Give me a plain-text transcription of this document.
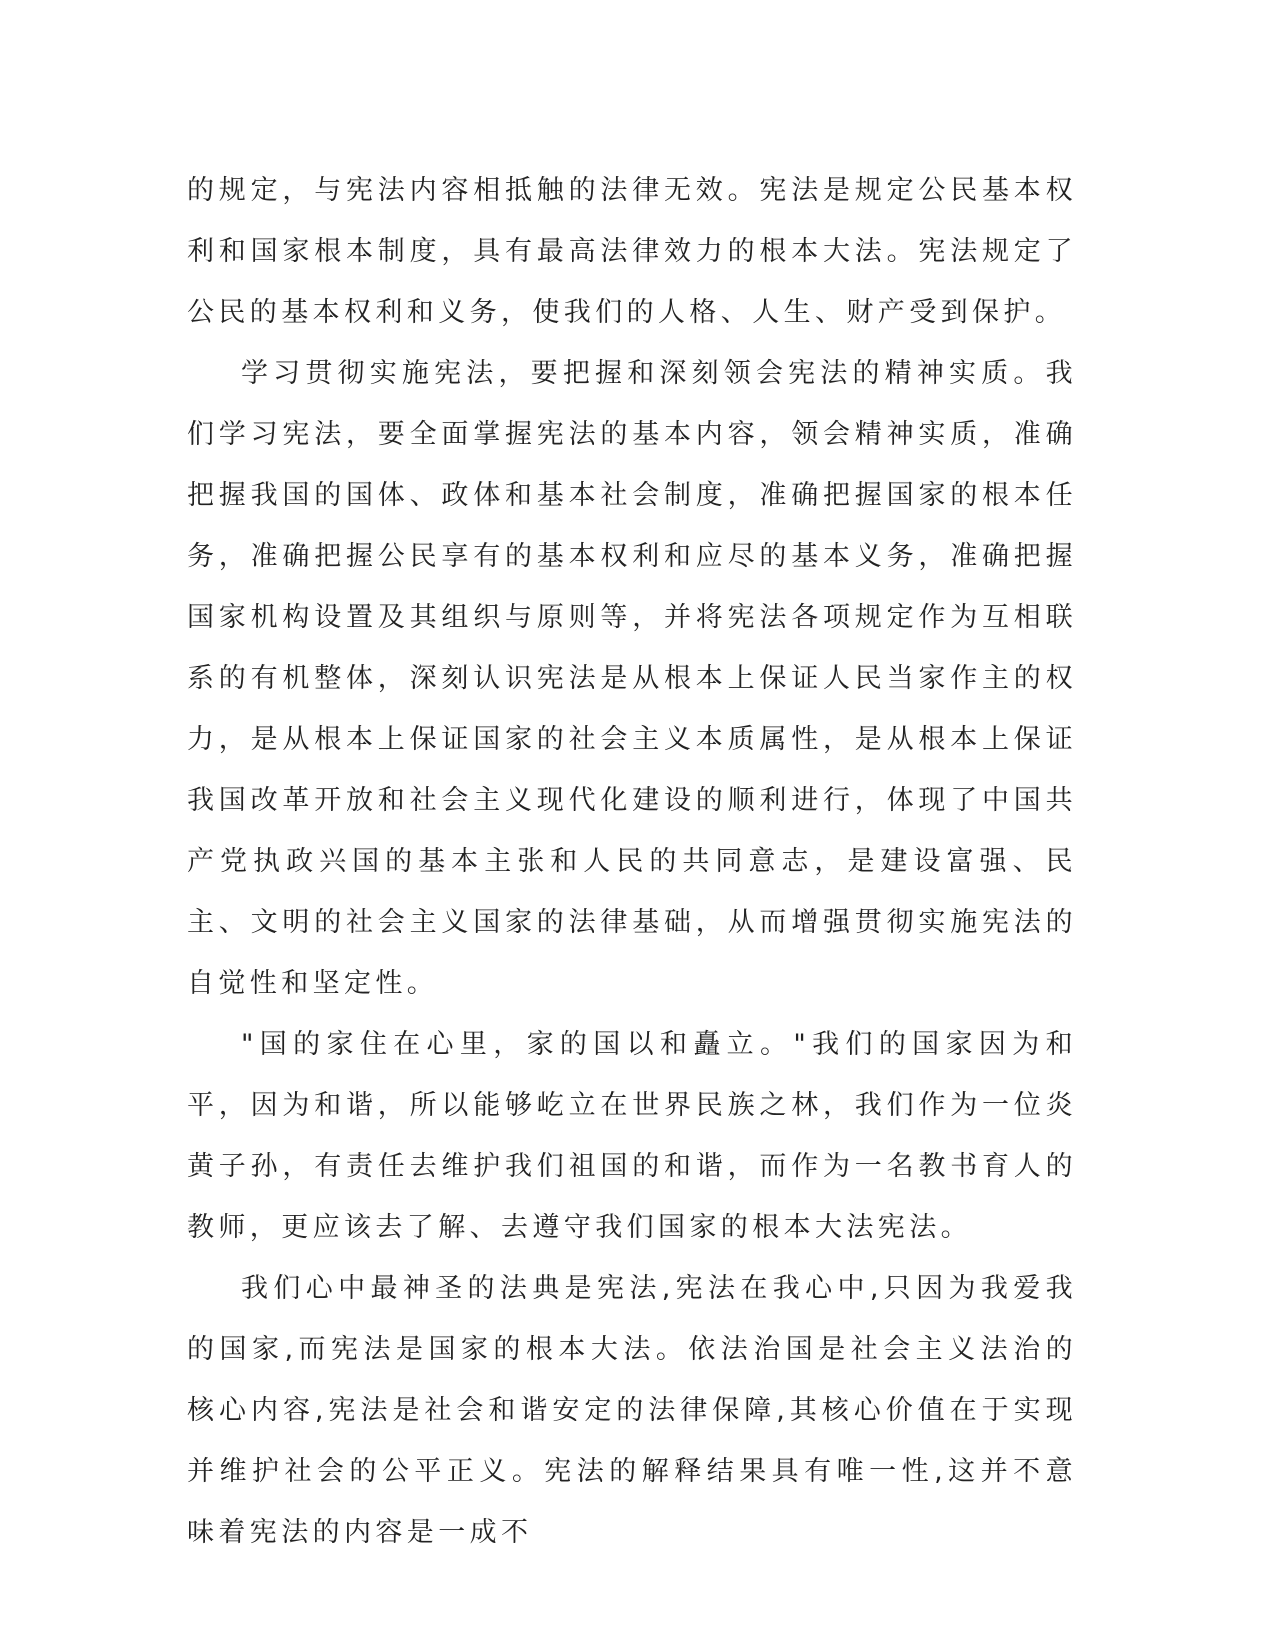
的规定，与宪法内容相抵触的法律无效。宪法是规定公民基本权利和国家根本制度，具有最高法律效力的根本大法。宪法规定了公民的基本权利和义务，使我们的人格、人生、财产受到保护。

学习贯彻实施宪法，要把握和深刻领会宪法的精神实质。我们学习宪法，要全面掌握宪法的基本内容，领会精神实质，准确把握我国的国体、政体和基本社会制度，准确把握国家的根本任务，准确把握公民享有的基本权利和应尽的基本义务，准确把握国家机构设置及其组织与原则等，并将宪法各项规定作为互相联系的有机整体，深刻认识宪法是从根本上保证人民当家作主的权力，是从根本上保证国家的社会主义本质属性，是从根本上保证我国改革开放和社会主义现代化建设的顺利进行，体现了中国共产党执政兴国的基本主张和人民的共同意志，是建设富强、民主、文明的社会主义国家的法律基础，从而增强贯彻实施宪法的自觉性和坚定性。

"国的家住在心里，家的国以和矗立。"我们的国家因为和平，因为和谐，所以能够屹立在世界民族之林，我们作为一位炎黄子孙，有责任去维护我们祖国的和谐，而作为一名教书育人的教师，更应该去了解、去遵守我们国家的根本大法宪法。

我们心中最神圣的法典是宪法,宪法在我心中,只因为我爱我的国家,而宪法是国家的根本大法。依法治国是社会主义法治的核心内容,宪法是社会和谐安定的法律保障,其核心价值在于实现并维护社会的公平正义。宪法的解释结果具有唯一性,这并不意味着宪法的内容是一成不
